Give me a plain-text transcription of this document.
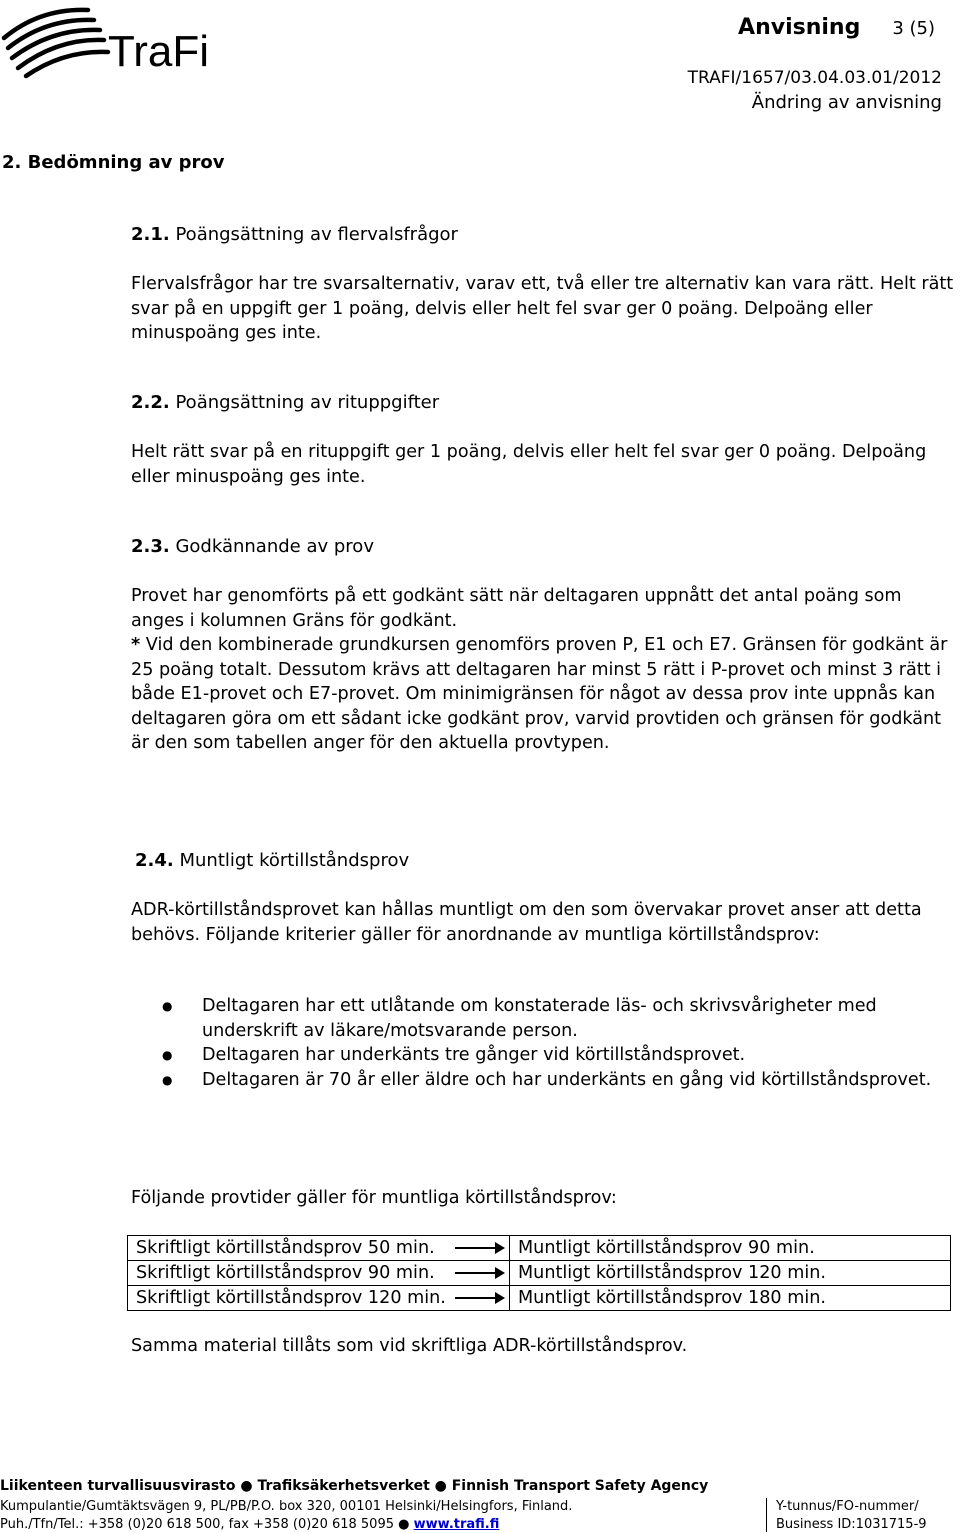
TraFi	Anvisning 3 (5)
TRAFI/1657/03.04.03.01/2012
Ändring av anvisning
2. Bedömning av prov
2.1. Poängsättning av flervalsfrågor
Flervalsfrågor har tre svarsalternativ, varav ett, två eller tre alternativ kan vara rätt. Helt rätt svar på en uppgift ger 1 poäng, delvis eller helt fel svar ger 0 poäng. Delpoäng eller minuspoäng ges inte.
2.2. Poängsättning av rituppgifter
Helt rätt svar på en rituppgift ger 1 poäng, delvis eller helt fel svar ger 0 poäng. Delpoäng eller minuspoäng ges inte.
2.3. Godkännande av prov
Provet har genomförts på ett godkänt sätt när deltagaren uppnått det antal poäng som anges i kolumnen Gräns för godkänt.
* Vid den kombinerade grundkursen genomförs proven P, E1 och E7. Gränsen för godkänt är 25 poäng totalt. Dessutom krävs att deltagaren har minst 5 rätt i P-provet och minst 3 rätt i både E1-provet och E7-provet. Om minimigränsen för något av dessa prov inte uppnås kan deltagaren göra om ett sådant icke godkänt prov, varvid provtiden och gränsen för godkänt är den som tabellen anger för den aktuella provtypen.
2.4. Muntligt körtillståndsprov
ADR-körtillståndsprovet kan hållas muntligt om den som övervakar provet anser att detta behövs. Följande kriterier gäller för anordnande av muntliga körtillståndsprov:
● Deltagaren har ett utlåtande om konstaterade läs- och skrivsvårigheter med underskrift av läkare/motsvarande person.
● Deltagaren har underkänts tre gånger vid körtillståndsprovet.
● Deltagaren är 70 år eller äldre och har underkänts en gång vid körtillståndsprovet.
Följande provtider gäller för muntliga körtillståndsprov:
Skriftligt körtillståndsprov 50 min.	Muntligt körtillståndsprov 90 min.
Skriftligt körtillståndsprov 90 min.	Muntligt körtillståndsprov 120 min.
Skriftligt körtillståndsprov 120 min.	Muntligt körtillståndsprov 180 min.
Samma material tillåts som vid skriftliga ADR-körtillståndsprov.
Liikenteen turvallisuusvirasto ● Trafiksäkerhetsverket ● Finnish Transport Safety Agency
Kumpulantie/Gumtäktsvägen 9, PL/PB/P.O. box 320, 00101 Helsinki/Helsingfors, Finland.
Puh./Tfn/Tel.: +358 (0)20 618 500, fax +358 (0)20 618 5095 ● www.trafi.fi
Y-tunnus/FO-nummer/
Business ID:1031715-9
